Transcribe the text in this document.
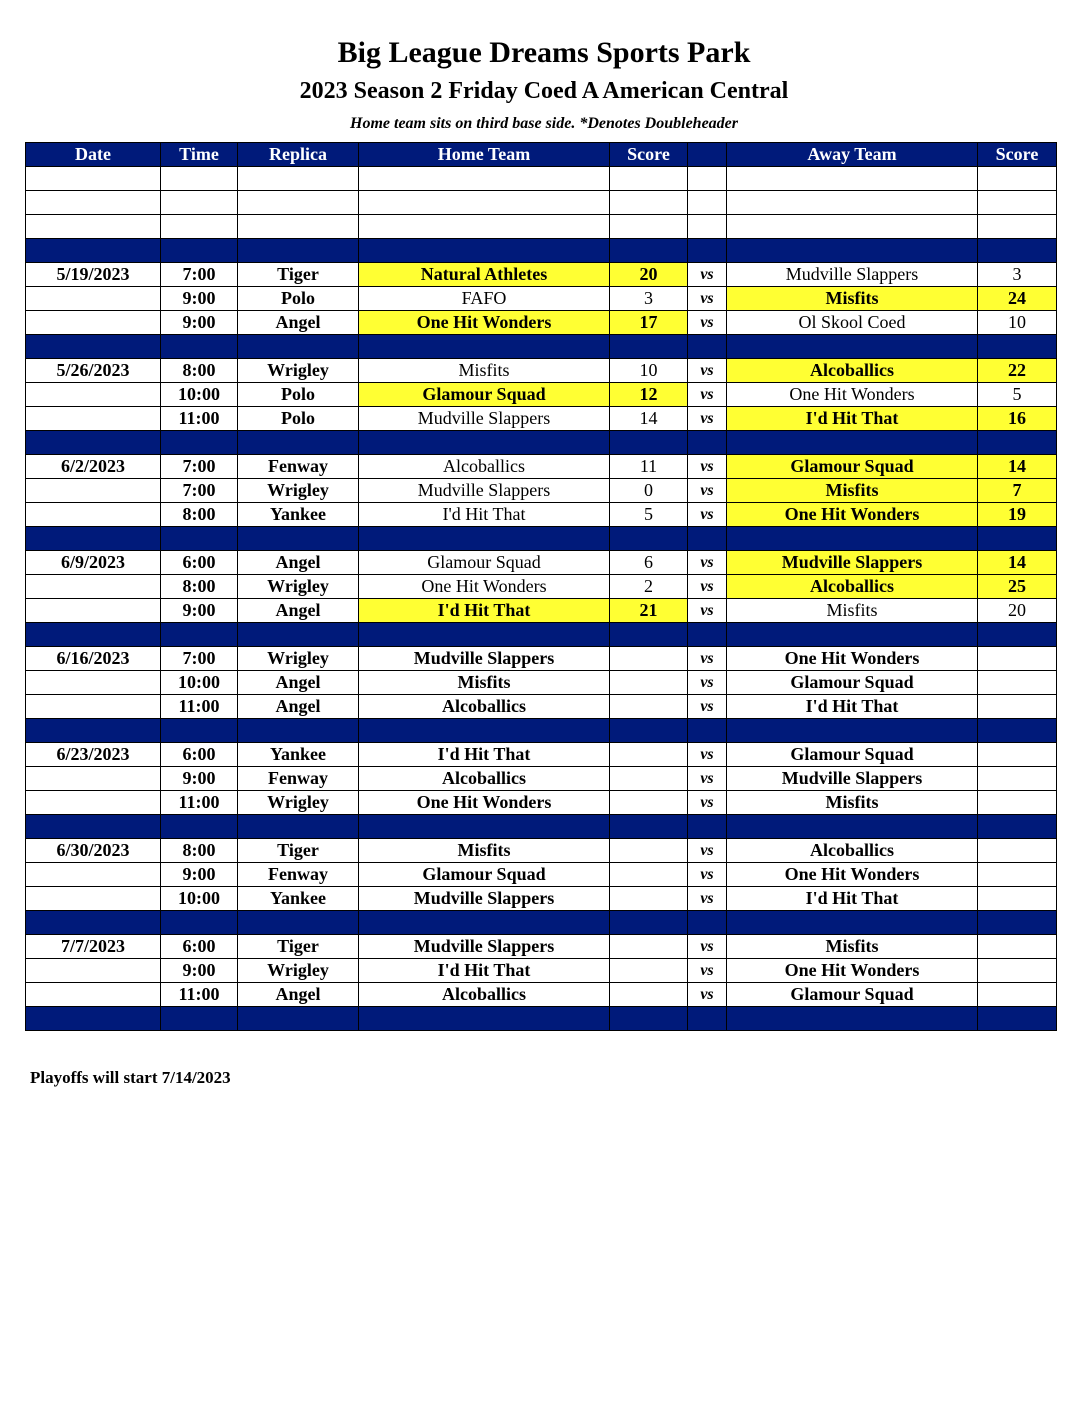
Big League Dreams Sports Park
2023 Season 2 Friday Coed A American Central
Home team sits on third base side. *Denotes Doubleheader
Date	Time	Replica	Home Team	Score		Away Team	Score

5/19/2023	7:00	Tiger	Natural Athletes	20	vs	Mudville Slappers	3
	9:00	Polo	FAFO	3	vs	Misfits	24
	9:00	Angel	One Hit Wonders	17	vs	Ol Skool Coed	10

5/26/2023	8:00	Wrigley	Misfits	10	vs	Alcoballics	22
	10:00	Polo	Glamour Squad	12	vs	One Hit Wonders	5
	11:00	Polo	Mudville Slappers	14	vs	I'd Hit That	16

6/2/2023	7:00	Fenway	Alcoballics	11	vs	Glamour Squad	14
	7:00	Wrigley	Mudville Slappers	0	vs	Misfits	7
	8:00	Yankee	I'd Hit That	5	vs	One Hit Wonders	19

6/9/2023	6:00	Angel	Glamour Squad	6	vs	Mudville Slappers	14
	8:00	Wrigley	One Hit Wonders	2	vs	Alcoballics	25
	9:00	Angel	I'd Hit That	21	vs	Misfits	20

6/16/2023	7:00	Wrigley	Mudville Slappers		vs	One Hit Wonders	
	10:00	Angel	Misfits		vs	Glamour Squad	
	11:00	Angel	Alcoballics		vs	I'd Hit That	

6/23/2023	6:00	Yankee	I'd Hit That		vs	Glamour Squad	
	9:00	Fenway	Alcoballics		vs	Mudville Slappers	
	11:00	Wrigley	One Hit Wonders		vs	Misfits	

6/30/2023	8:00	Tiger	Misfits		vs	Alcoballics	
	9:00	Fenway	Glamour Squad		vs	One Hit Wonders	
	10:00	Yankee	Mudville Slappers		vs	I'd Hit That	

7/7/2023	6:00	Tiger	Mudville Slappers		vs	Misfits	
	9:00	Wrigley	I'd Hit That		vs	One Hit Wonders	
	11:00	Angel	Alcoballics		vs	Glamour Squad	

Playoffs will start 7/14/2023
